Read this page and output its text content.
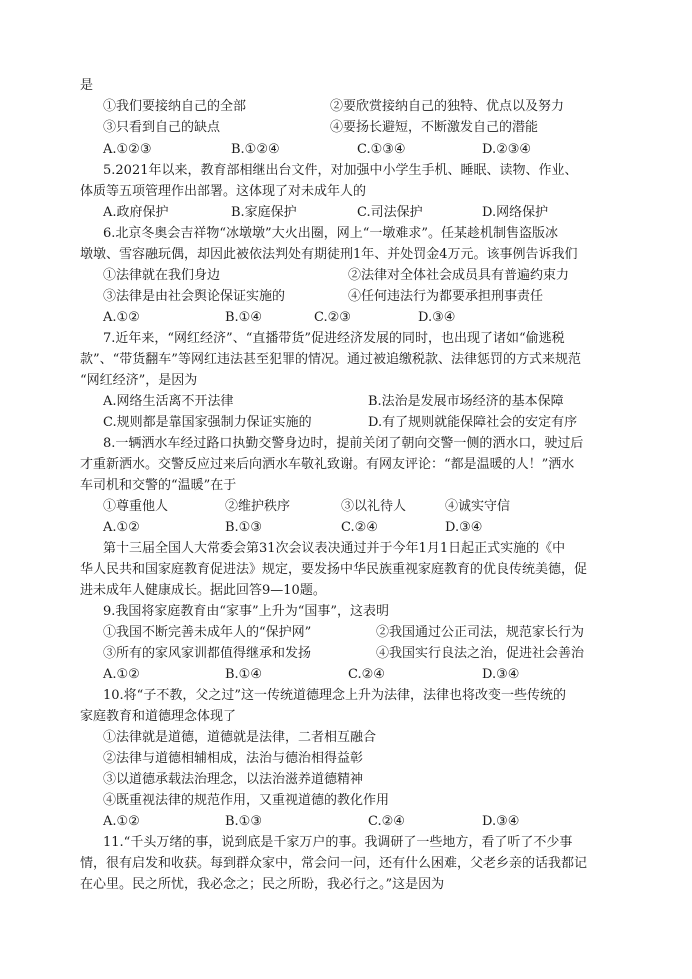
是
①我们要接纳自己的全部	②要欣赏接纳自己的独特、优点以及努力
③只看到自己的缺点	④要扬长避短，不断激发自己的潜能
A.①②③	B.①②④	C.①③④	D.②③④
5.2021年以来，教育部相继出台文件，对加强中小学生手机、睡眠、读物、作业、
体质等五项管理作出部署。这体现了对未成年人的
A.政府保护	B.家庭保护	C.司法保护	D.网络保护
6.北京冬奥会吉祥物“冰墩墩”大火出圈，网上“一墩难求”。任某趁机制售盗版冰
墩墩、雪容融玩偶，却因此被依法判处有期徒刑1年、并处罚金4万元。该事例告诉我们
①法律就在我们身边	②法律对全体社会成员具有普遍约束力
③法律是由社会舆论保证实施的	④任何违法行为都要承担刑事责任
A.①②	B.①④	C.②③	D.③④
7.近年来，“网红经济”、“直播带货”促进经济发展的同时，也出现了诸如“偷逃税
款”、“带货翻车”等网红违法甚至犯罪的情况。通过被追缴税款、法律惩罚的方式来规范
“网红经济”，是因为
A.网络生活离不开法律	B.法治是发展市场经济的基本保障
C.规则都是靠国家强制力保证实施的	D.有了规则就能保障社会的安定有序
8.一辆洒水车经过路口执勤交警身边时，提前关闭了朝向交警一侧的洒水口，驶过后
才重新洒水。交警反应过来后向洒水车敬礼致谢。有网友评论：“都是温暖的人！”洒水
车司机和交警的“温暖”在于
①尊重他人	②维护秩序	③以礼待人	④诚实守信
A.①②	B.①③	C.②④	D.③④
第十三届全国人大常委会第31次会议表决通过并于今年1月1日起正式实施的《中
华人民共和国家庭教育促进法》规定，要发扬中华民族重视家庭教育的优良传统美德，促
进未成年人健康成长。据此回答9—10题。
9.我国将家庭教育由“家事”上升为“国事”，这表明
①我国不断完善未成年人的“保护网”	②我国通过公正司法，规范家长行为
③所有的家风家训都值得继承和发扬	④我国实行良法之治，促进社会善治
A.①②	B.①④	C.②④	D.③④
10.将“子不教，父之过”这一传统道德理念上升为法律，法律也将改变一些传统的
家庭教育和道德理念体现了
①法律就是道德，道德就是法律，二者相互融合
②法律与道德相辅相成，法治与德治相得益彰
③以道德承载法治理念，以法治滋养道德精神
④既重视法律的规范作用，又重视道德的教化作用
A.①②	B.①③	C.②④	D.③④
11.“千头万绪的事，说到底是千家万户的事。我调研了一些地方，看了听了不少事
情，很有启发和收获。每到群众家中，常会问一问，还有什么困难，父老乡亲的话我都记
在心里。民之所忧，我必念之；民之所盼，我必行之。”这是因为
